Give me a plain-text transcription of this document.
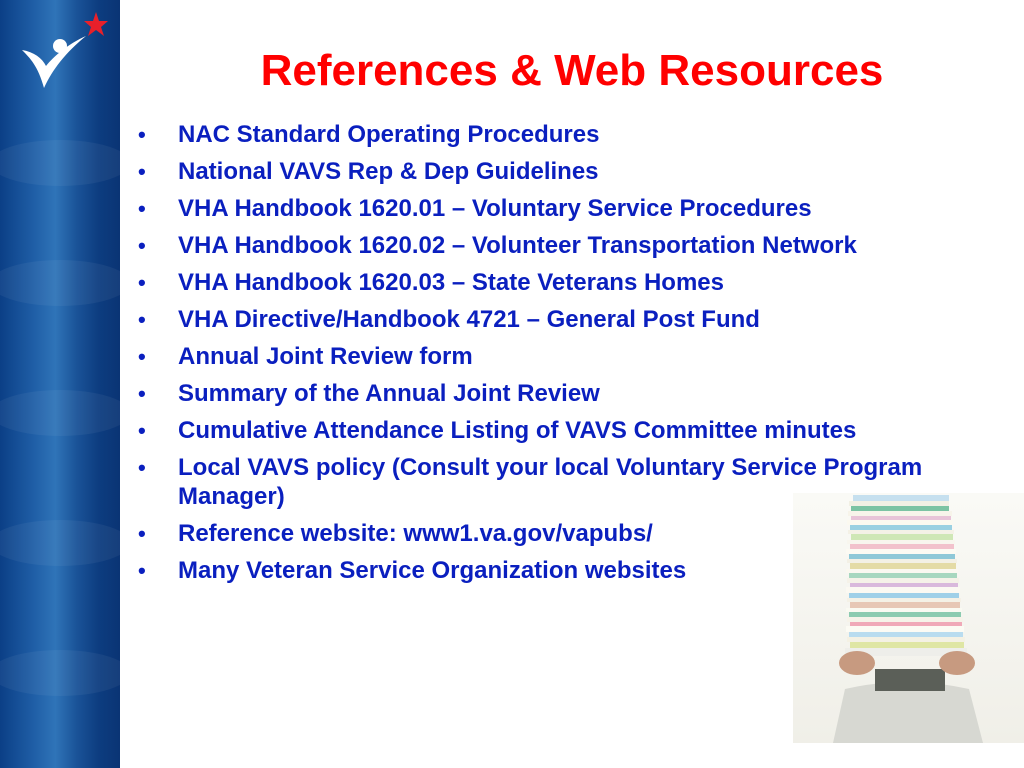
References & Web Resources
• NAC Standard Operating Procedures
• National VAVS Rep & Dep Guidelines
• VHA Handbook 1620.01 – Voluntary Service Procedures
• VHA Handbook 1620.02 – Volunteer Transportation Network
• VHA Handbook 1620.03 – State Veterans Homes
• VHA Directive/Handbook 4721 – General Post Fund
• Annual Joint Review form
• Summary of the Annual Joint Review
• Cumulative Attendance Listing of VAVS Committee minutes
• Local VAVS policy (Consult your local Voluntary Service Program Manager)
• Reference website: www1.va.gov/vapubs/
• Many Veteran Service Organization websites
